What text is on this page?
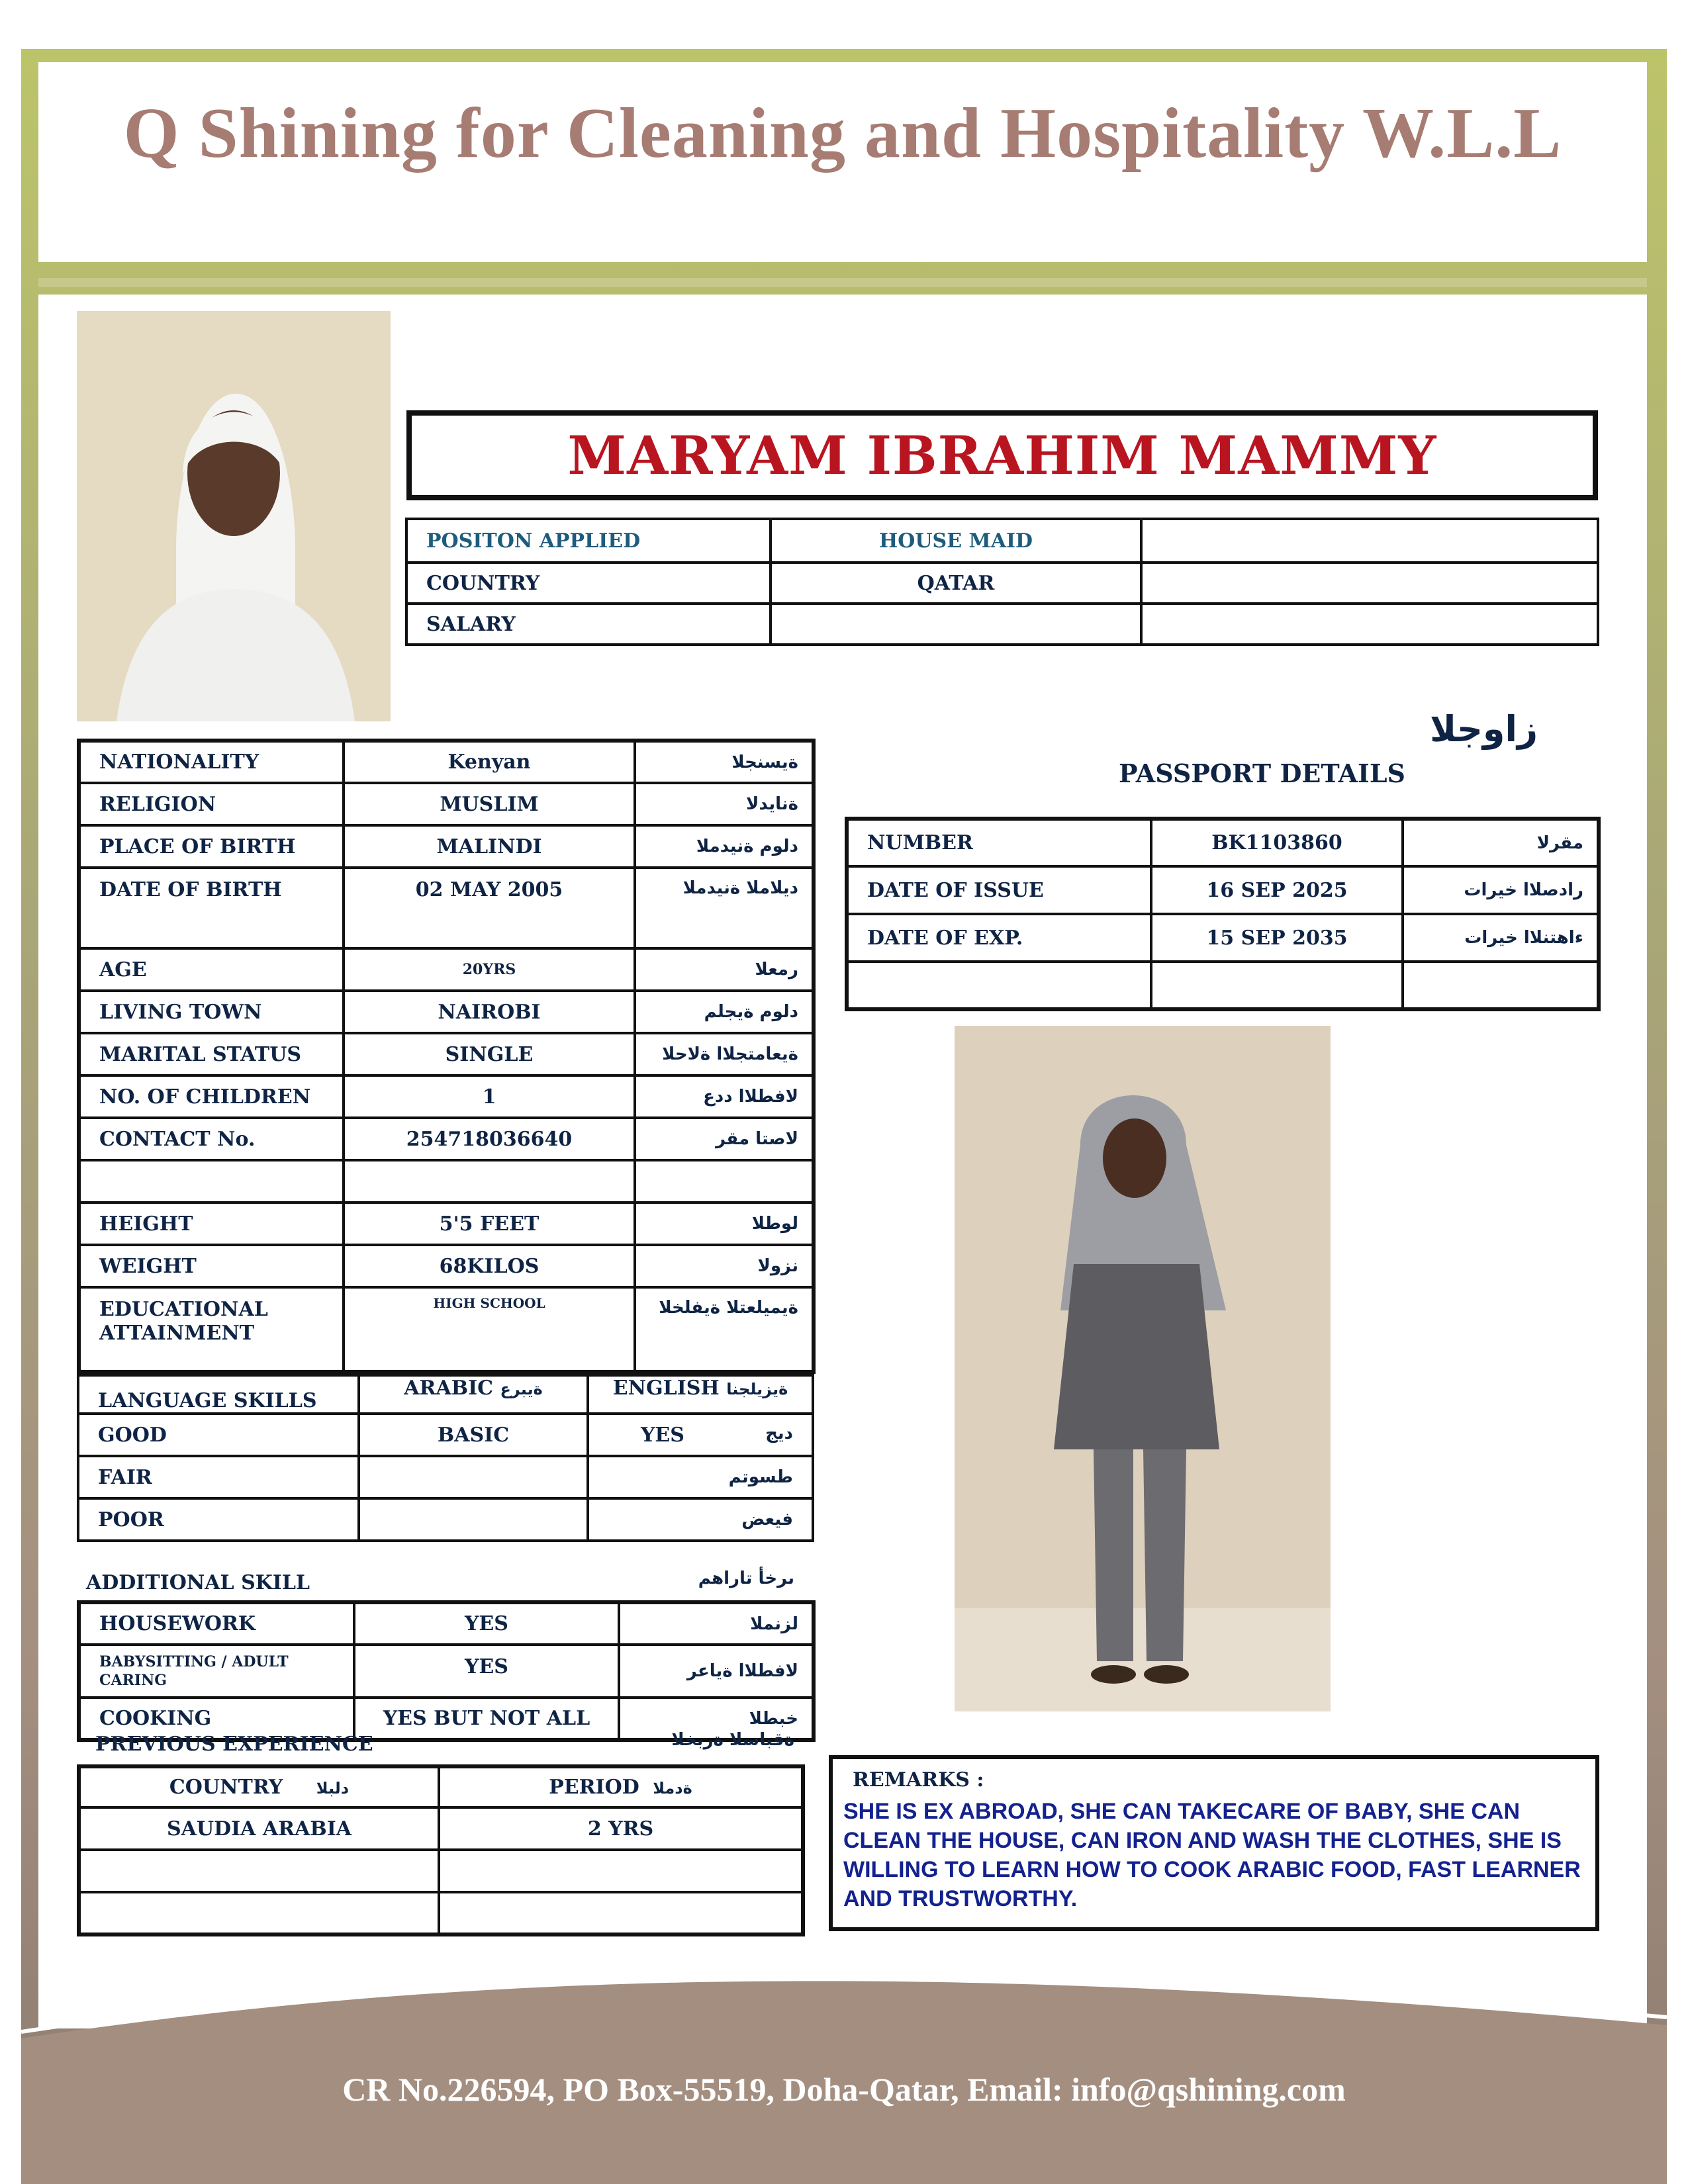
Q Shining for Cleaning and Hospitality W.L.L
CR No.226594, PO Box-55519, Doha-Qatar, Email: info@qshining.com
MARYAM IBRAHIM MAMMY
POSITON APPLIED	HOUSE MAID	
COUNTRY	QATAR	
SALARY		
NATIONALITY	Kenyan	ةيسنجلا
RELIGION	MUSLIM	ةنايدلا
PLACE OF BIRTH	MALINDI	دلوم ةنيدملا
DATE OF BIRTH	02 MAY 2005	ديلاملا ةنيدملا
AGE	20YRS	رمعلا
LIVING TOWN	NAIROBI	دلوم ةيجلم
MARITAL STATUS	SINGLE	ةيعامتجلاا ةلاحلا
NO. OF CHILDREN	1	لافطلاا ددع
CONTACT No.	254718036640	لاصتا مقر

HEIGHT	5'5 FEET	لوطلا
WEIGHT	68KILOS	نزولا
EDUCATIONAL ATTAINMENT	HIGH SCHOOL	ةيميلعتلا ةيفلخلا
LANGUAGE SKILLS	ARABIC ةيبرع	ENGLISH ةيزيلجنا
GOOD	BASIC	YES ديج

FAIR		طسوتم

POOR		فيعض
ADDITIONAL SKILL	ىرخأ تاراهم
HOUSEWORK	YES	لزنملا
BABYSITTING / ADULT CARING	YES	لافطلاا ةياعر
COOKING	YES BUT NOT ALL	خبطلا
PREVIOUS EXPERIENCE	ةقباسلا ةربخلا
COUNTRY دلبلا	PERIOD ةدملا
SAUDIA ARABIA	2 YRS

زاوجلا
PASSPORT DETAILS
NUMBER	BK1103860	مقرلا
DATE OF ISSUE	16 SEP 2025	رادصلاا خيرات
DATE OF EXP.	15 SEP 2035	ءاهتنلاا خيرات

REMARKS :
SHE IS EX ABROAD, SHE CAN TAKECARE OF BABY, SHE CAN CLEAN THE HOUSE, CAN IRON AND WASH THE CLOTHES, SHE IS WILLING TO LEARN HOW TO COOK ARABIC FOOD, FAST LEARNER AND TRUSTWORTHY.
